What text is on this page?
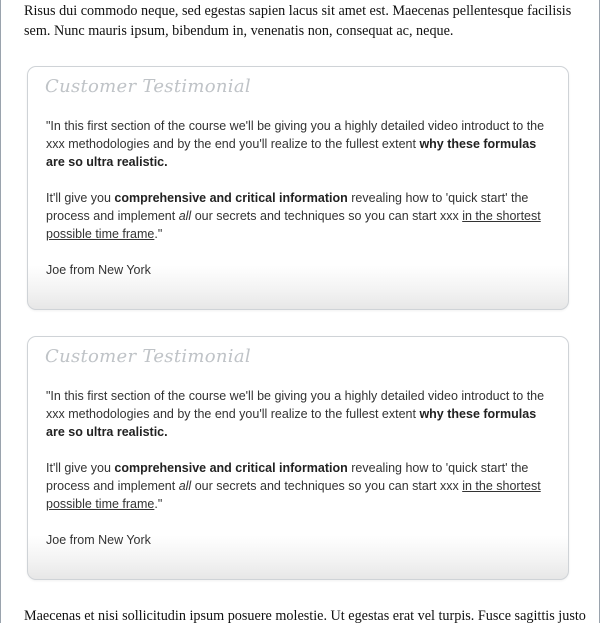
Risus dui commodo neque, sed egestas sapien lacus sit amet est. Maecenas pellentesque facilisis sem. Nunc mauris ipsum, bibendum in, venenatis non, consequat ac, neque.

Customer Testimonial

"In this first section of the course we'll be giving you a highly detailed video introduct to the xxx methodologies and by the end you'll realize to the fullest extent why these formulas are so ultra realistic.

It'll give you comprehensive and critical information revealing how to 'quick start' the process and implement all our secrets and techniques so you can start xxx in the shortest possible time frame."

Joe from New York

Customer Testimonial

"In this first section of the course we'll be giving you a highly detailed video introduct to the xxx methodologies and by the end you'll realize to the fullest extent why these formulas are so ultra realistic.

It'll give you comprehensive and critical information revealing how to 'quick start' the process and implement all our secrets and techniques so you can start xxx in the shortest possible time frame."

Joe from New York

Maecenas et nisi sollicitudin ipsum posuere molestie. Ut egestas erat vel turpis. Fusce sagittis justo
